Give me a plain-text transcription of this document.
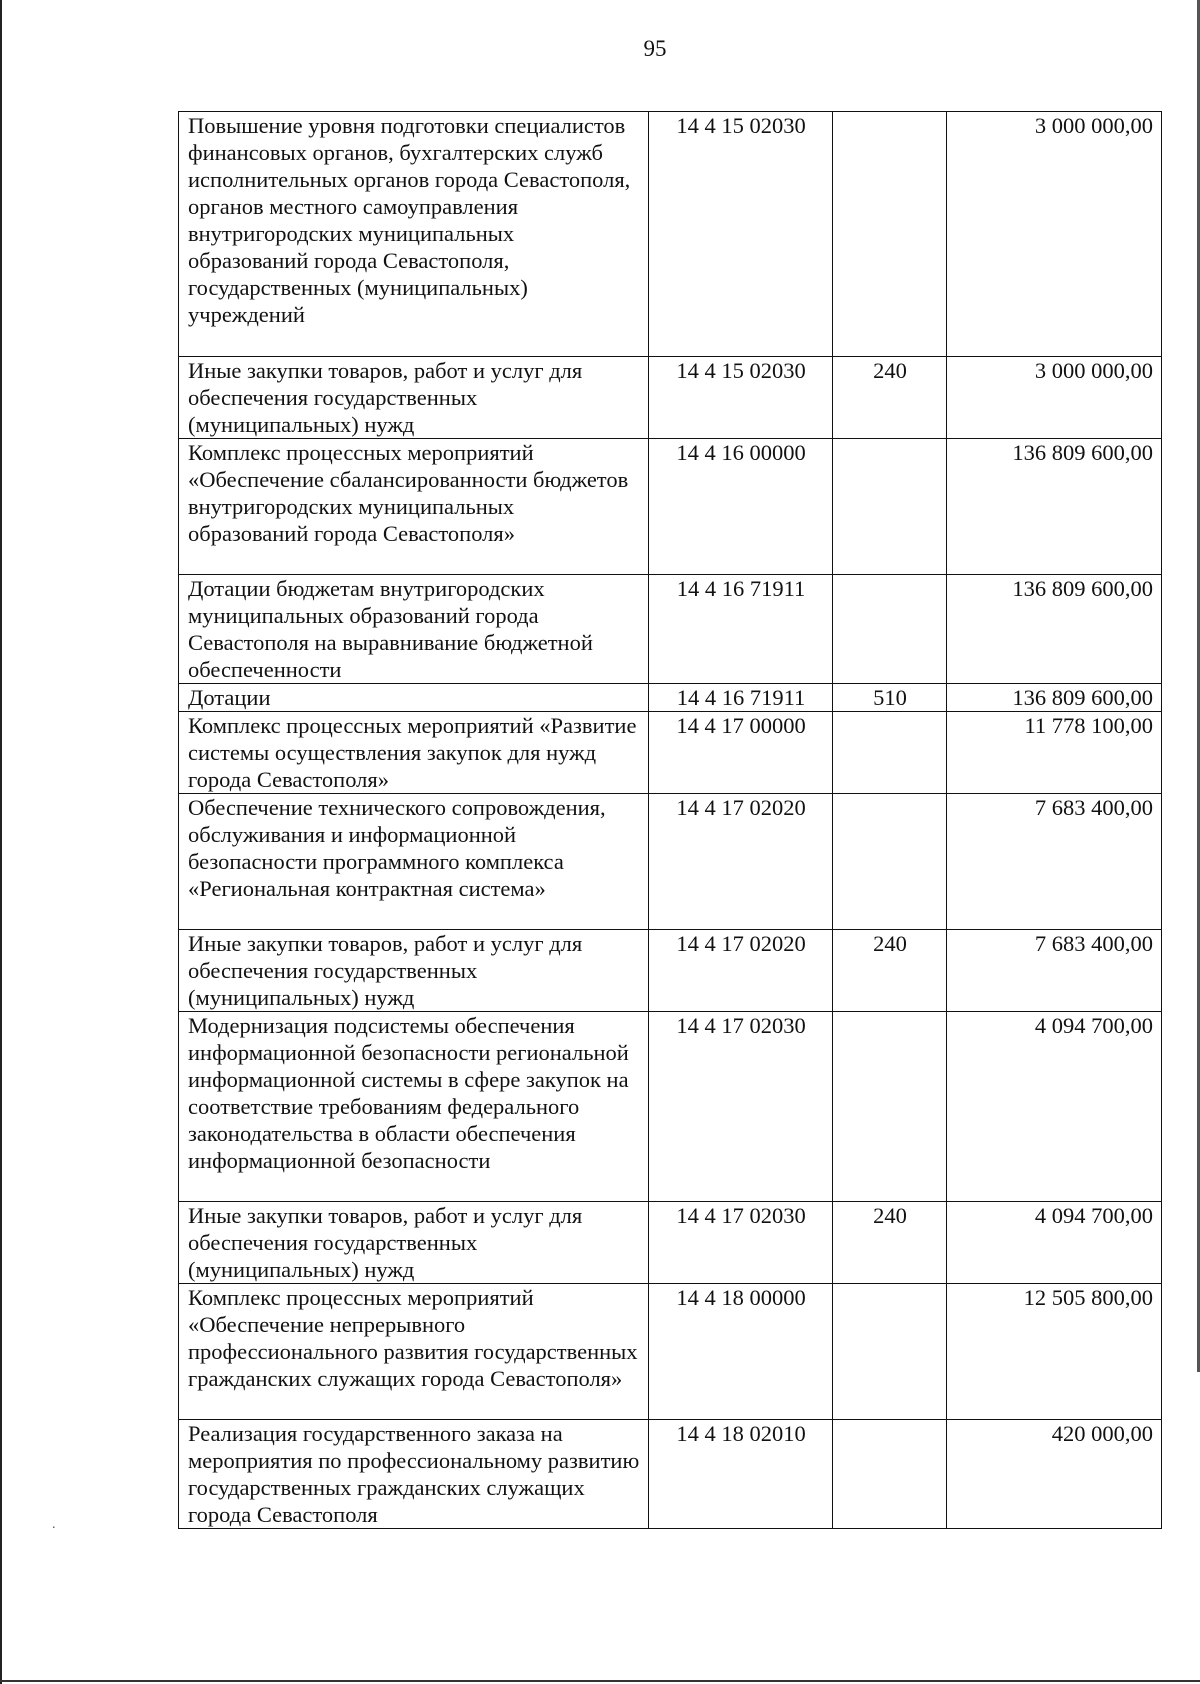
.
95
Повышение уровня подготовки специалистов финансовых органов, бухгалтерских служб исполнительных органов города Севастополя, органов местного самоуправления внутригородских муниципальных образований города Севастополя, государственных (муниципальных) учреждений	14 4 15 02030		3 000 000,00
Иные закупки товаров, работ и услуг для обеспечения государственных (муниципальных) нужд	14 4 15 02030	240	3 000 000,00
Комплекс процессных мероприятий «Обеспечение сбалансированности бюджетов внутригородских муниципальных образований города Севастополя»	14 4 16 00000		136 809 600,00
Дотации бюджетам внутригородских муниципальных образований города Севастополя на выравнивание бюджетной обеспеченности	14 4 16 71911		136 809 600,00
Дотации	14 4 16 71911	510	136 809 600,00
Комплекс процессных мероприятий «Развитие системы осуществления закупок для нужд города Севастополя»	14 4 17 00000		11 778 100,00
Обеспечение технического сопровождения, обслуживания и информационной безопасности программного комплекса «Региональная контрактная система»	14 4 17 02020		7 683 400,00
Иные закупки товаров, работ и услуг для обеспечения государственных (муниципальных) нужд	14 4 17 02020	240	7 683 400,00
Модернизация подсистемы обеспечения информационной безопасности региональной информационной системы в сфере закупок на соответствие требованиям федерального законодательства в области обеспечения информационной безопасности	14 4 17 02030		4 094 700,00
Иные закупки товаров, работ и услуг для обеспечения государственных (муниципальных) нужд	14 4 17 02030	240	4 094 700,00
Комплекс процессных мероприятий «Обеспечение непрерывного профессионального развития государственных гражданских служащих города Севастополя»	14 4 18 00000		12 505 800,00
Реализация государственного заказа на мероприятия по профессиональному развитию государственных гражданских служащих города Севастополя	14 4 18 02010		420 000,00
